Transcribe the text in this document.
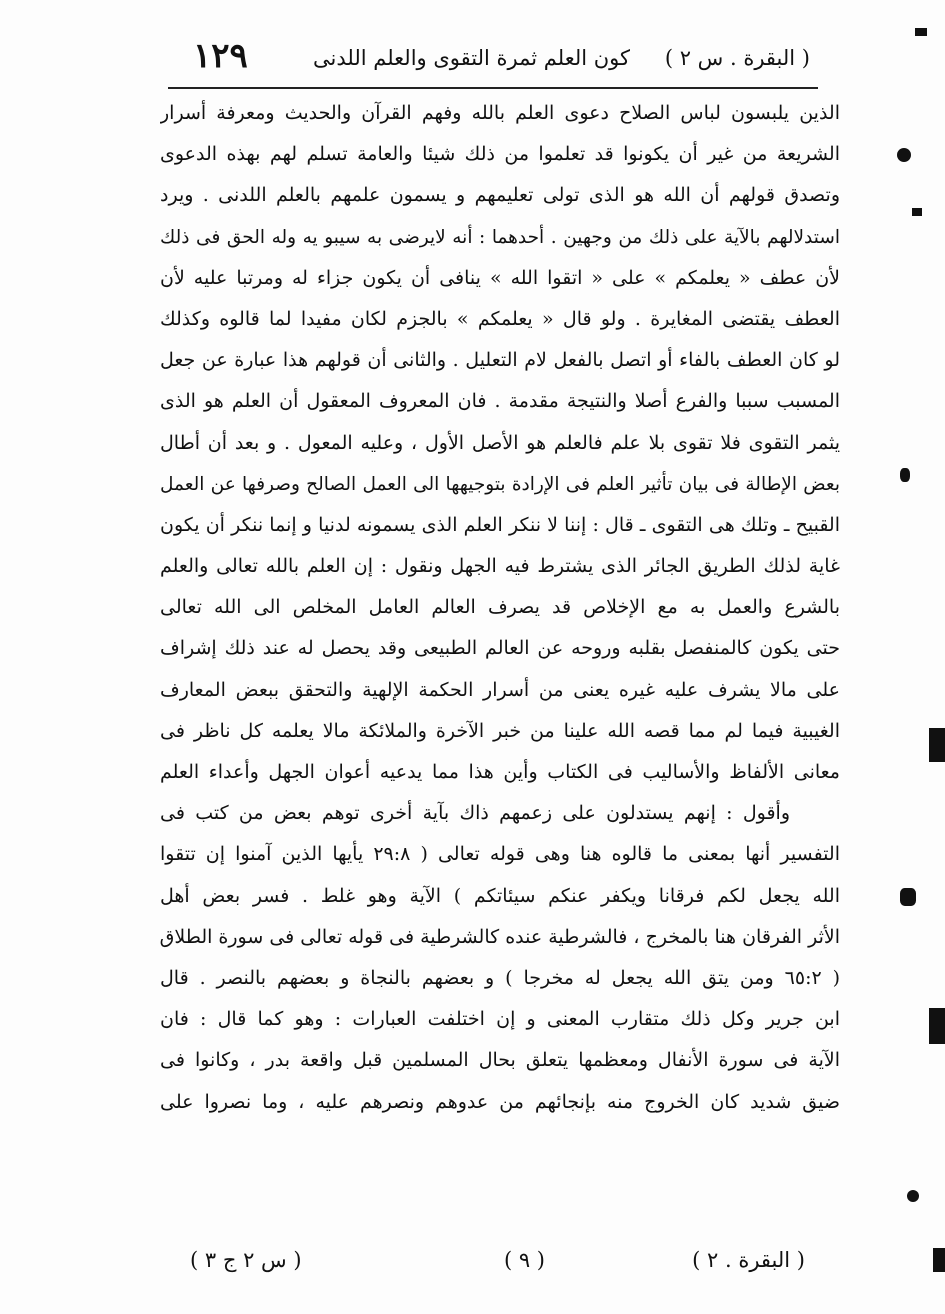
( البقرة . س ٢ )
كون العلم ثمرة التقوى والعلم اللدنى
١٢٩
الذين يلبسون لباس الصلاح دعوى العلم بالله وفهم القرآن والحديث ومعرفة أسرار
الشريعة من غير أن يكونوا قد تعلموا من ذلك شيئا والعامة تسلم لهم بهذه الدعوى
وتصدق قولهم أن الله هو الذى تولى تعليمهم و يسمون علمهم بالعلم اللدنى . ويرد
استدلالهم بالآية على ذلك من وجهين . أحدهما : أنه لايرضى به سيبو يه وله الحق فى ذلك
لأن عطف « يعلمكم » على « اتقوا الله » ينافى أن يكون جزاء له ومرتبا عليه لأن
العطف يقتضى المغايرة . ولو قال « يعلمكم » بالجزم لكان مفيدا لما قالوه وكذلك
لو كان العطف بالفاء أو اتصل بالفعل لام التعليل . والثانى أن قولهم هذا عبارة عن جعل
المسبب سببا والفرع أصلا والنتيجة مقدمة . فان المعروف المعقول أن العلم هو الذى
يثمر التقوى فلا تقوى بلا علم فالعلم هو الأصل الأول ، وعليه المعول . و بعد أن أطال
بعض الإطالة فى بيان تأثير العلم فى الإرادة بتوجيهها الى العمل الصالح وصرفها عن العمل
القبيح ـ وتلك هى التقوى ـ قال : إننا لا ننكر العلم الذى يسمونه لدنيا و إنما ننكر أن يكون
غاية لذلك الطريق الجائر الذى يشترط فيه الجهل ونقول : إن العلم بالله تعالى والعلم
بالشرع والعمل به مع الإخلاص قد يصرف العالم العامل المخلص الى الله تعالى
حتى يكون كالمنفصل بقلبه وروحه عن العالم الطبيعى وقد يحصل له عند ذلك إشراف
على مالا يشرف عليه غيره يعنى من أسرار الحكمة الإلهية والتحقق ببعض المعارف
الغيبية فيما لم مما قصه الله علينا من خبر الآخرة والملائكة مالا يعلمه كل ناظر فى
معانى الألفاظ والأساليب فى الكتاب وأين هذا مما يدعيه أعوان الجهل وأعداء العلم
وأقول : إنهم يستدلون على زعمهم ذاك بآية أخرى توهم بعض من كتب فى
التفسير أنها بمعنى ما قالوه هنا وهى قوله تعالى ( ٢٩:٨ يأيها الذين آمنوا إن تتقوا
الله يجعل لكم فرقانا ويكفر عنكم سيئاتكم ) الآية وهو غلط . فسر بعض أهل
الأثر الفرقان هنا بالمخرج ، فالشرطية عنده كالشرطية فى قوله تعالى فى سورة الطلاق
( ٦٥:٢ ومن يتق الله يجعل له مخرجا ) و بعضهم بالنجاة و بعضهم بالنصر . قال
ابن جرير وكل ذلك متقارب المعنى و إن اختلفت العبارات : وهو كما قال : فان
الآية فى سورة الأنفال ومعظمها يتعلق بحال المسلمين قبل واقعة بدر ، وكانوا فى
ضيق شديد كان الخروج منه بإنجائهم من عدوهم ونصرهم عليه ، وما نصروا على
( البقرة . ٢ )
( ٩ )
( س ٢ ج ٣ )
